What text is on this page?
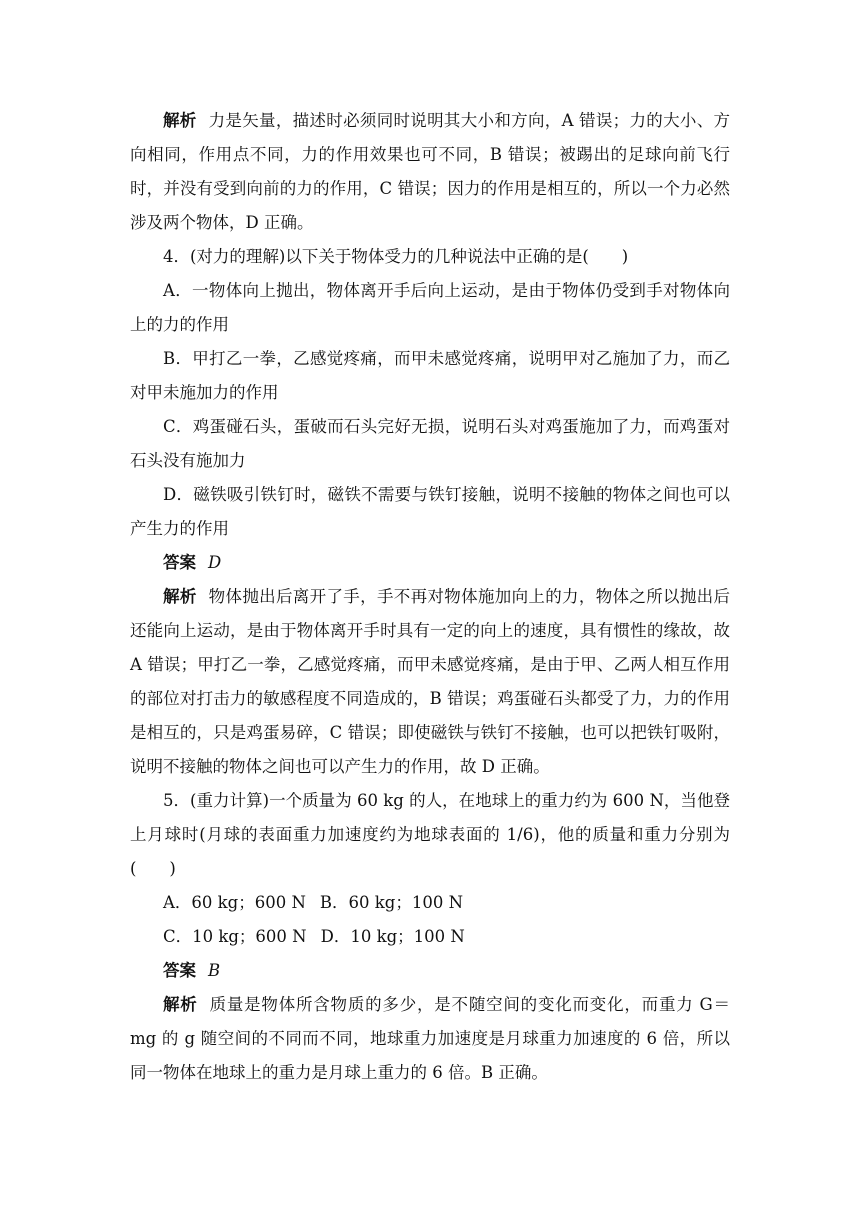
解析 力是矢量，描述时必须同时说明其大小和方向，A 错误；力的大小、方向相同，作用点不同，力的作用效果也可不同，B 错误；被踢出的足球向前飞行时，并没有受到向前的力的作用，C 错误；因力的作用是相互的，所以一个力必然涉及两个物体，D 正确。

4．(对力的理解)以下关于物体受力的几种说法中正确的是(　　)

A．一物体向上抛出，物体离开手后向上运动，是由于物体仍受到手对物体向上的力的作用

B．甲打乙一拳，乙感觉疼痛，而甲未感觉疼痛，说明甲对乙施加了力，而乙对甲未施加力的作用

C．鸡蛋碰石头，蛋破而石头完好无损，说明石头对鸡蛋施加了力，而鸡蛋对石头没有施加力

D．磁铁吸引铁钉时，磁铁不需要与铁钉接触，说明不接触的物体之间也可以产生力的作用

答案 D

解析 物体抛出后离开了手，手不再对物体施加向上的力，物体之所以抛出后还能向上运动，是由于物体离开手时具有一定的向上的速度，具有惯性的缘故，故 A 错误；甲打乙一拳，乙感觉疼痛，而甲未感觉疼痛，是由于甲、乙两人相互作用的部位对打击力的敏感程度不同造成的，B 错误；鸡蛋碰石头都受了力，力的作用是相互的，只是鸡蛋易碎，C 错误；即使磁铁与铁钉不接触，也可以把铁钉吸附，说明不接触的物体之间也可以产生力的作用，故 D 正确。

5．(重力计算)一个质量为 60 kg 的人，在地球上的重力约为 600 N，当他登上月球时(月球的表面重力加速度约为地球表面的 1/6)，他的质量和重力分别为(　　)

A．60 kg；600 N B．60 kg；100 N

C．10 kg；600 N D．10 kg；100 N

答案 B

解析 质量是物体所含物质的多少，是不随空间的变化而变化，而重力 G＝mg 的 g 随空间的不同而不同，地球重力加速度是月球重力加速度的 6 倍，所以同一物体在地球上的重力是月球上重力的 6 倍。B 正确。
